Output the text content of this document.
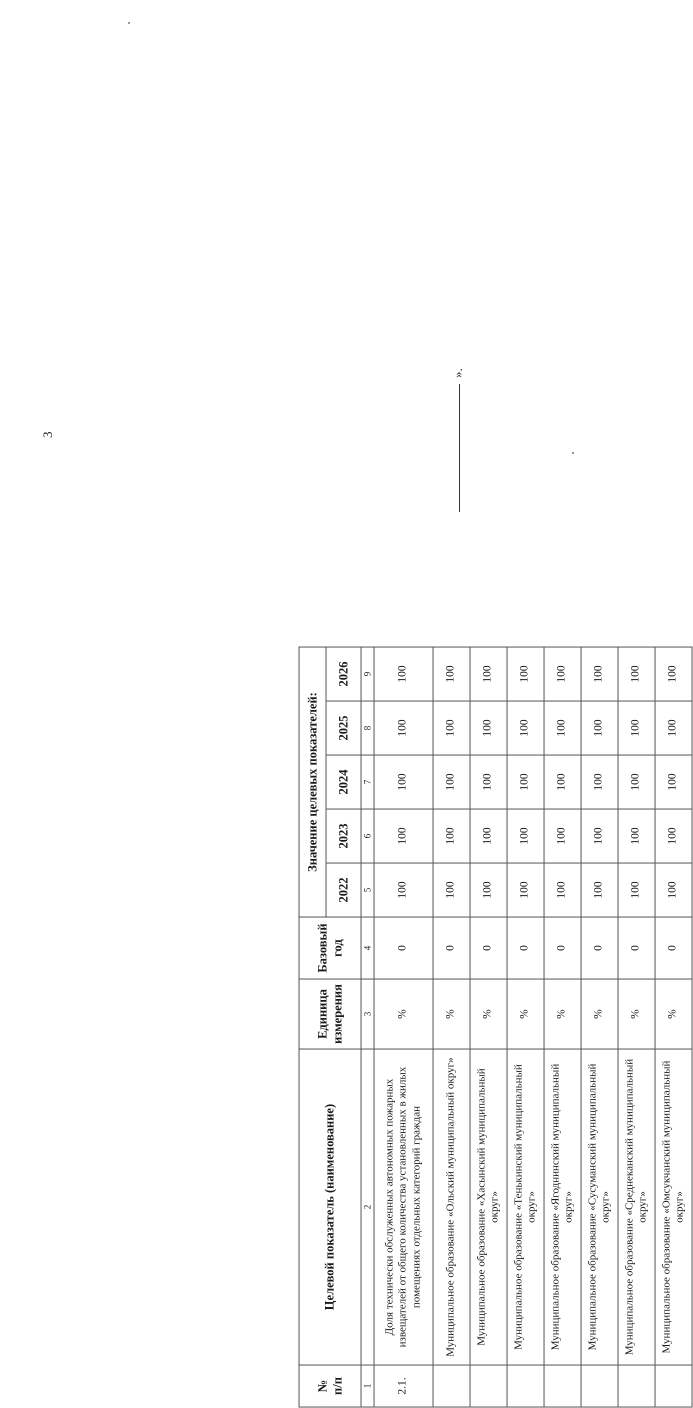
3
№
п/п	Целевой показатель (наименование)	Единица измерения	Базовый год	Значение целевых показателей:				
				2022	2023	2024	2025	2026
1	2	3	4	5	6	7	8	9
2.1.	Доля технически обслуженных автономных пожарных извещателей от общего количества установленных в жилых помещениях отдельных категорий граждан	%	0	100	100	100	100	100
	Муниципальное образование «Ольский муниципальный округ»	%	0	100	100	100	100	100
	Муниципальное образование «Хасынский муниципальный округ»	%	0	100	100	100	100	100
	Муниципальное образование «Тенькинский муниципальный округ»	%	0	100	100	100	100	100
	Муниципальное образование «Ягоднинский муниципальный округ»	%	0	100	100	100	100	100
	Муниципальное образование «Сусуманский муниципальный округ»	%	0	100	100	100	100	100
	Муниципальное образование «Среднеканский муниципальный округ»	%	0	100	100	100	100	100
	Муниципальное образование «Омсукчанский муниципальный округ»	%	0	100	100	100	100	100
».
